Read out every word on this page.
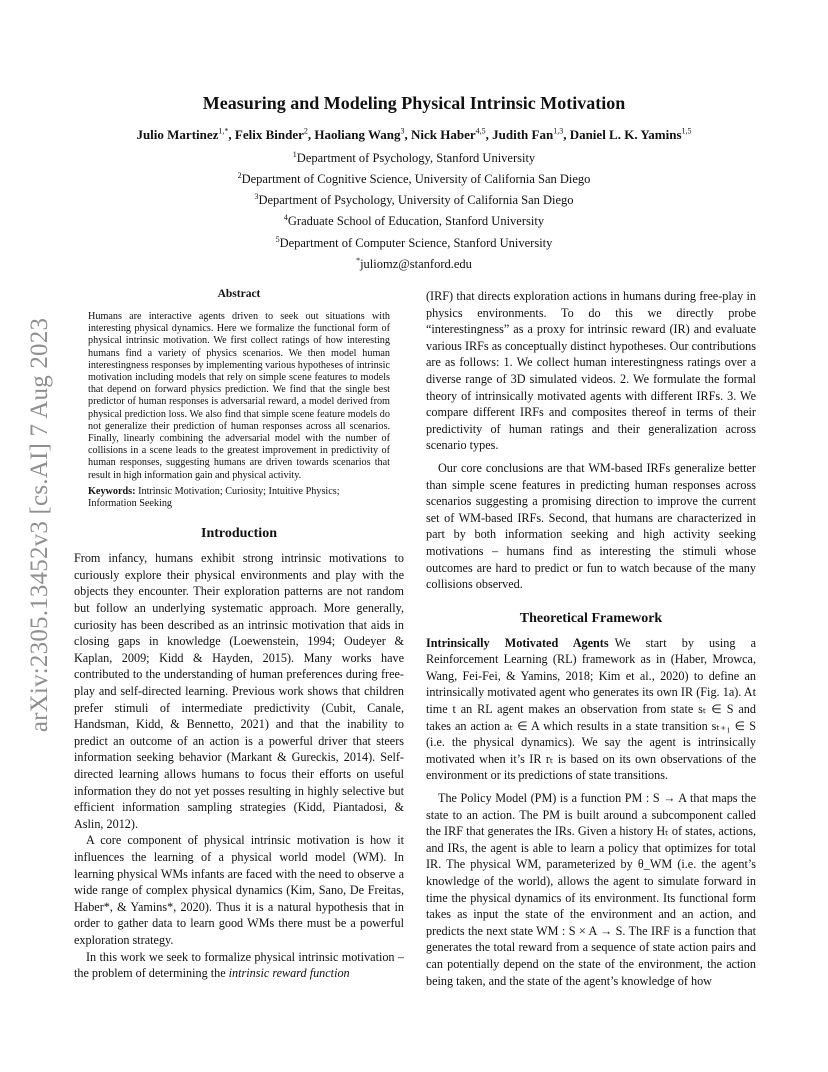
arXiv:2305.13452v3 [cs.AI] 7 Aug 2023
Measuring and Modeling Physical Intrinsic Motivation
Julio Martinez$^{1,*}$, Felix Binder$^2$, Haoliang Wang$^3$, Nick Haber$^{4,5}$, Judith Fan$^{1,3}$, Daniel L. K. Yamins$^{1,5}$
$^1$Department of Psychology, Stanford University
$^2$Department of Cognitive Science, University of California San Diego
$^3$Department of Psychology, University of California San Diego
$^4$Graduate School of Education, Stanford University
$^5$Department of Computer Science, Stanford University
*juliomz@stanford.edu
Abstract

Humans are interactive agents driven to seek out situations with interesting physical dynamics. Here we formalize the functional form of physical intrinsic motivation. We first collect ratings of how interesting humans find a variety of physics scenarios. We then model human interestingness responses by implementing various hypotheses of intrinsic motivation including models that rely on simple scene features to models that depend on forward physics prediction. We find that the single best predictor of human responses is adversarial reward, a model derived from physical prediction loss. We also find that simple scene feature models do not generalize their prediction of human responses across all scenarios. Finally, linearly combining the adversarial model with the number of collisions in a scene leads to the greatest improvement in predictivity of human responses, suggesting humans are driven towards scenarios that result in high information gain and physical activity.

Keywords: Intrinsic Motivation; Curiosity; Intuitive Physics; Information Seeking

Introduction

From infancy, humans exhibit strong intrinsic motivations to curiously explore their physical environments and play with the objects they encounter. Their exploration patterns are not random but follow an underlying systematic approach. More generally, curiosity has been described as an intrinsic motivation that aids in closing gaps in knowledge (Loewenstein, 1994; Oudeyer & Kaplan, 2009; Kidd & Hayden, 2015). Many works have contributed to the understanding of human preferences during free-play and self-directed learning. Previous work shows that children prefer stimuli of intermediate predictivity (Cubit, Canale, Handsman, Kidd, & Bennetto, 2021) and that the inability to predict an outcome of an action is a powerful driver that steers information seeking behavior (Markant & Gureckis, 2014). Self-directed learning allows humans to focus their efforts on useful information they do not yet posses resulting in highly selective but efficient information sampling strategies (Kidd, Piantadosi, & Aslin, 2012).

A core component of physical intrinsic motivation is how it influences the learning of a physical world model (WM). In learning physical WMs infants are faced with the need to observe a wide range of complex physical dynamics (Kim, Sano, De Freitas, Haber*, & Yamins*, 2020). Thus it is a natural hypothesis that in order to gather data to learn good WMs there must be a powerful exploration strategy.

In this work we seek to formalize physical intrinsic motivation – the problem of determining the intrinsic reward function

(IRF) that directs exploration actions in humans during free-play in physics environments. To do this we directly probe “interestingness” as a proxy for intrinsic reward (IR) and evaluate various IRFs as conceptually distinct hypotheses. Our contributions are as follows: 1. We collect human interestingness ratings over a diverse range of 3D simulated videos. 2. We formulate the formal theory of intrinsically motivated agents with different IRFs. 3. We compare different IRFs and composites thereof in terms of their predictivity of human ratings and their generalization across scenario types.

Our core conclusions are that WM-based IRFs generalize better than simple scene features in predicting human responses across scenarios suggesting a promising direction to improve the current set of WM-based IRFs. Second, that humans are characterized in part by both information seeking and high activity seeking motivations – humans find as interesting the stimuli whose outcomes are hard to predict or fun to watch because of the many collisions observed.

Theoretical Framework

Intrinsically Motivated Agents We start by using a Reinforcement Learning (RL) framework as in (Haber, Mrowca, Wang, Fei-Fei, & Yamins, 2018; Kim et al., 2020) to define an intrinsically motivated agent who generates its own IR (Fig. 1a). At time t an RL agent makes an observation from state sₜ ∈ S and takes an action aₜ ∈ A which results in a state transition sₜ₊₁ ∈ S (i.e. the physical dynamics). We say the agent is intrinsically motivated when it’s IR rₜ is based on its own observations of the environment or its predictions of state transitions.

The Policy Model (PM) is a function PM : S → A that maps the state to an action. The PM is built around a subcomponent called the IRF that generates the IRs. Given a history Hₜ of states, actions, and IRs, the agent is able to learn a policy that optimizes for total IR. The physical WM, parameterized by θ_WM (i.e. the agent’s knowledge of the world), allows the agent to simulate forward in time the physical dynamics of its environment. Its functional form takes as input the state of the environment and an action, and predicts the next state WM : S × A → S. The IRF is a function that generates the total reward from a sequence of state action pairs and can potentially depend on the state of the environment, the action being taken, and the state of the agent’s knowledge of how
